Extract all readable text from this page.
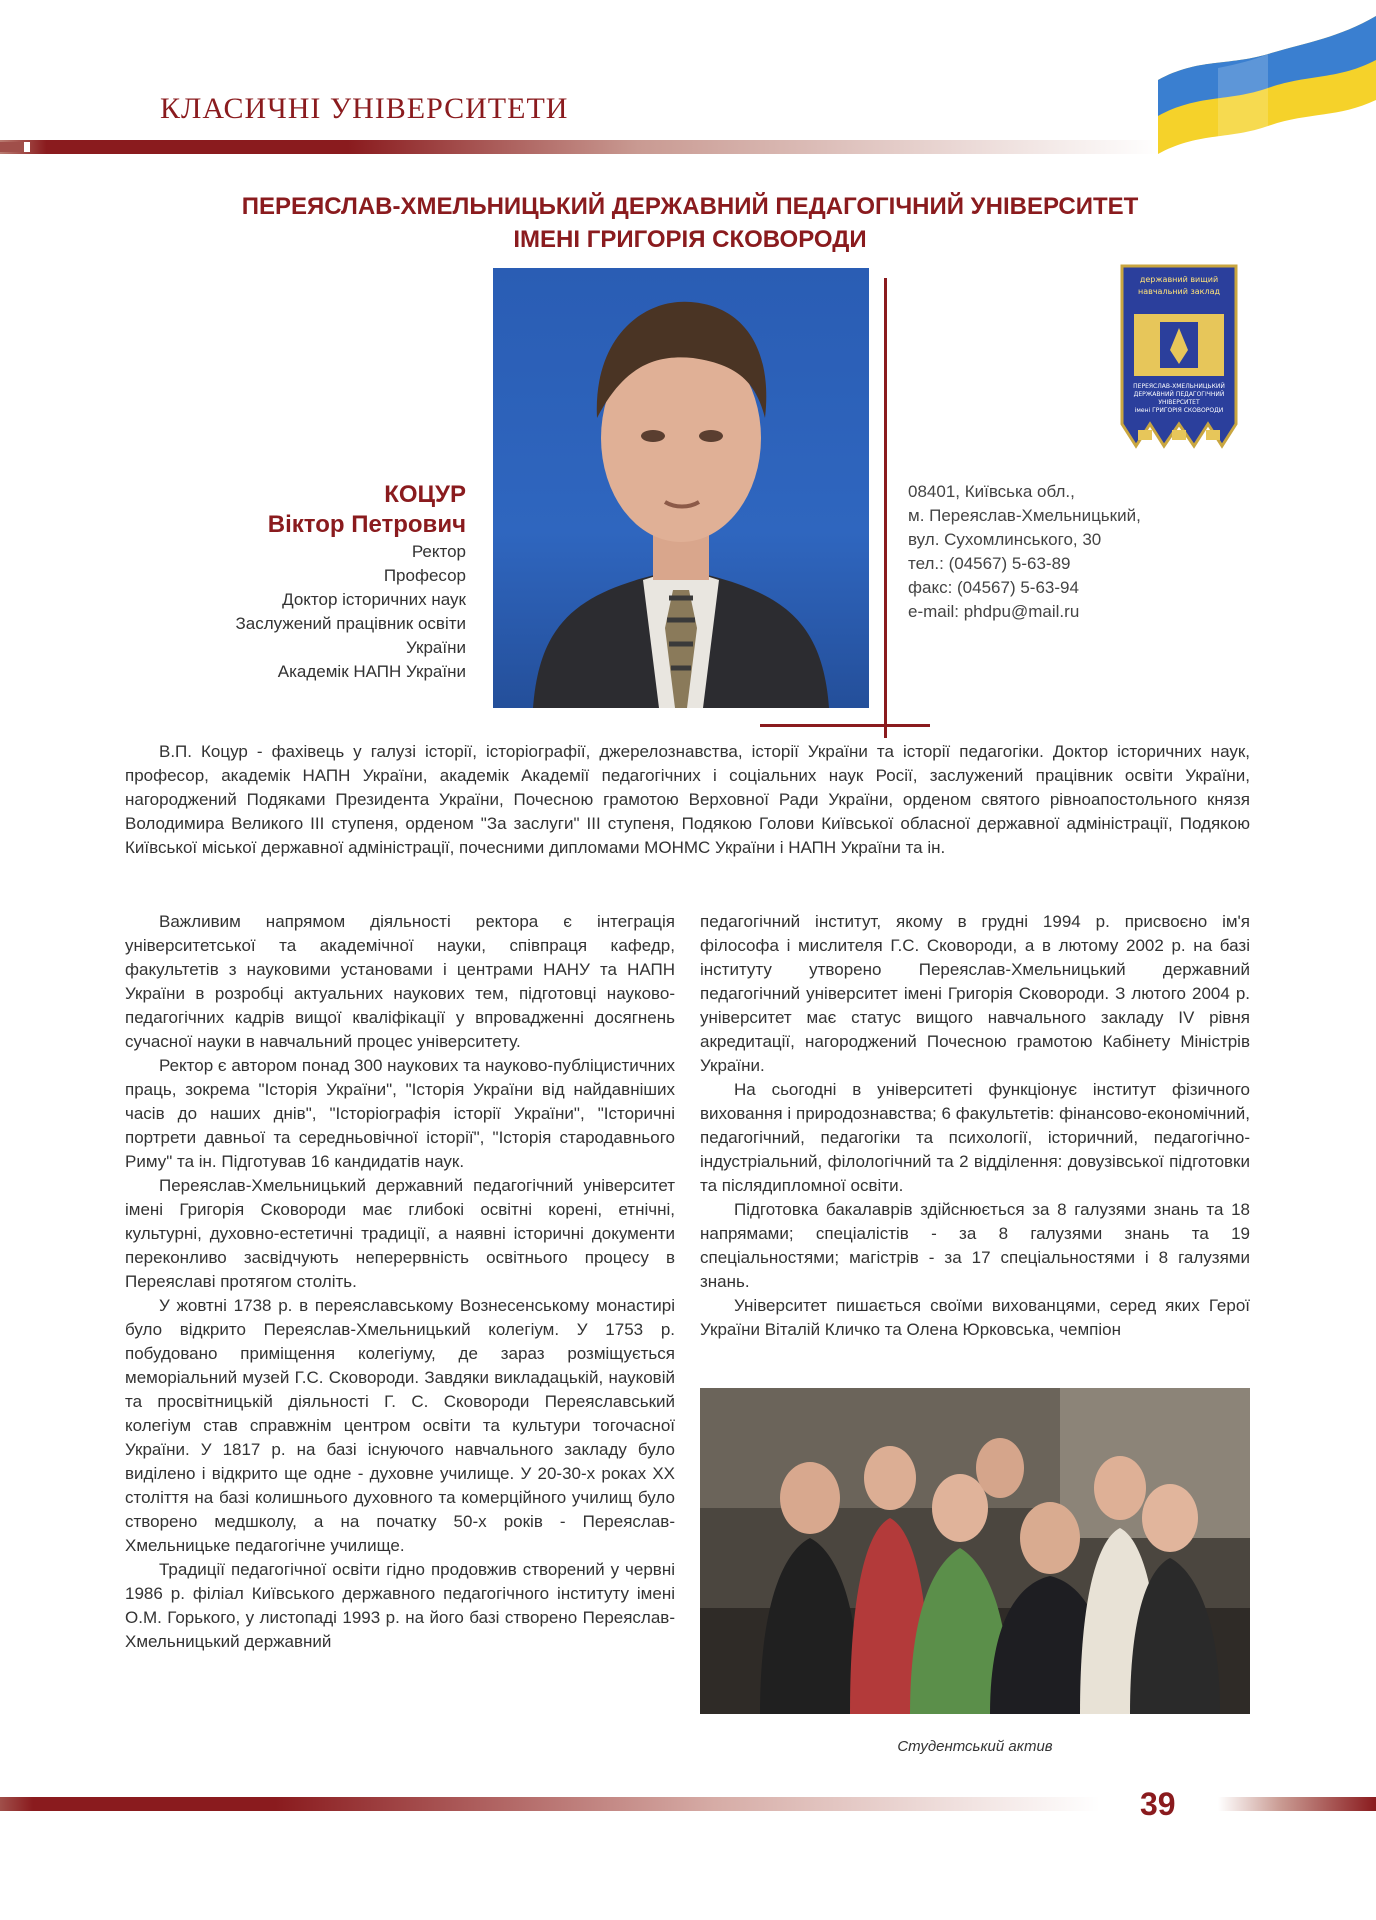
КЛАСИЧНІ УНІВЕРСИТЕТИ
ПЕРЕЯСЛАВ-ХМЕЛЬНИЦЬКИЙ ДЕРЖАВНИЙ ПЕДАГОГІЧНИЙ УНІВЕРСИТЕТ
ІМЕНІ ГРИГОРІЯ СКОВОРОДИ
державний вищий
навчальний заклад
ПЕРЕЯСЛАВ-ХМЕЛЬНИЦЬКИЙ
ДЕРЖАВНИЙ ПЕДАГОГІЧНИЙ
УНІВЕРСИТЕТ
імені ГРИГОРІЯ СКОВОРОДИ
КОЦУР
Віктор Петрович
Ректор
Професор
Доктор історичних наук
Заслужений працівник освіти
України
Академік НАПН України
08401, Київська обл.,
м. Переяслав-Хмельницький,
вул. Сухомлинського, 30
тел.: (04567) 5-63-89
факс: (04567) 5-63-94
e-mail: phdpu@mail.ru

В.П. Коцур - фахівець у галузі історії, історіографії, джерелознавства, історії України та історії педагогіки. Доктор історичних наук, професор, академік НАПН України, академік Академії педагогічних і соціальних наук Росії, заслужений працівник освіти України, нагороджений Подяками Президента України, Почесною грамотою Верховної Ради України, орденом святого рівноапостольного князя Володимира Великого III ступеня, орденом "За заслуги" III ступеня, Подякою Голови Київської обласної державної адміністрації, Подякою Київської міської державної адміністрації, почесними дипломами МОНМС України і НАПН України та ін.

Важливим напрямом діяльності ректора є інтеграція університетської та академічної науки, співпраця кафедр, факультетів з науковими установами і центрами НАНУ та НАПН України в розробці актуальних наукових тем, підготовці науково-педагогічних кадрів вищої кваліфікації у впровадженні досягнень сучасної науки в навчальний процес університету.

Ректор є автором понад 300 наукових та науково-публіцистичних праць, зокрема "Історія України", "Історія України від найдавніших часів до наших днів", "Історіографія історії України", "Історичні портрети давньої та середньовічної історії", "Історія стародавнього Риму" та ін. Підготував 16 кандидатів наук.

Переяслав-Хмельницький державний педагогічний університет імені Григорія Сковороди має глибокі освітні корені, етнічні, культурні, духовно-естетичні традиції, а наявні історичні документи переконливо засвідчують неперервність освітнього процесу в Переяславі протягом століть.

У жовтні 1738 р. в переяславському Вознесенському монастирі було відкрито Переяслав-Хмельницький колегіум. У 1753 р. побудовано приміщення колегіуму, де зараз розміщується меморіальний музей Г.С. Сковороди. Завдяки викладацькій, науковій та просвітницькій діяльності Г. С. Сковороди Переяславський колегіум став справжнім центром освіти та культури тогочасної України. У 1817 р. на базі існуючого навчального закладу було виділено і відкрито ще одне - духовне училище. У 20-30-х роках ХХ століття на базі колишнього духовного та комерційного училищ було створено медшколу, а на початку 50-х років - Переяслав-Хмельницьке педагогічне училище.

Традиції педагогічної освіти гідно продовжив створений у червні 1986 р. філіал Київського державного педагогічного інституту імені О.М. Горького, у листопаді 1993 р. на його базі створено Переяслав-Хмельницький державний

педагогічний інститут, якому в грудні 1994 р. присвоєно ім'я філософа і мислителя Г.С. Сковороди, а в лютому 2002 р. на базі інституту утворено Переяслав-Хмельницький державний педагогічний університет імені Григорія Сковороди. З лютого 2004 р. університет має статус вищого навчального закладу IV рівня акредитації, нагороджений Почесною грамотою Кабінету Міністрів України.

На сьогодні в університеті функціонує інститут фізичного виховання і природознавства; 6 факультетів: фінансово-економічний, педагогічний, педагогіки та психології, історичний, педагогічно-індустріальний, філологічний та 2 відділення: довузівської підготовки та післядипломної освіти.

Підготовка бакалаврів здійснюється за 8 галузями знань та 18 напрямами; спеціалістів - за 8 галузями знань та 19 спеціальностями; магістрів - за 17 спеціальностями і 8 галузями знань.

Університет пишається своїми вихованцями, серед яких Герої України Віталій Кличко та Олена Юрковська, чемпіон

Студентський актив
39
